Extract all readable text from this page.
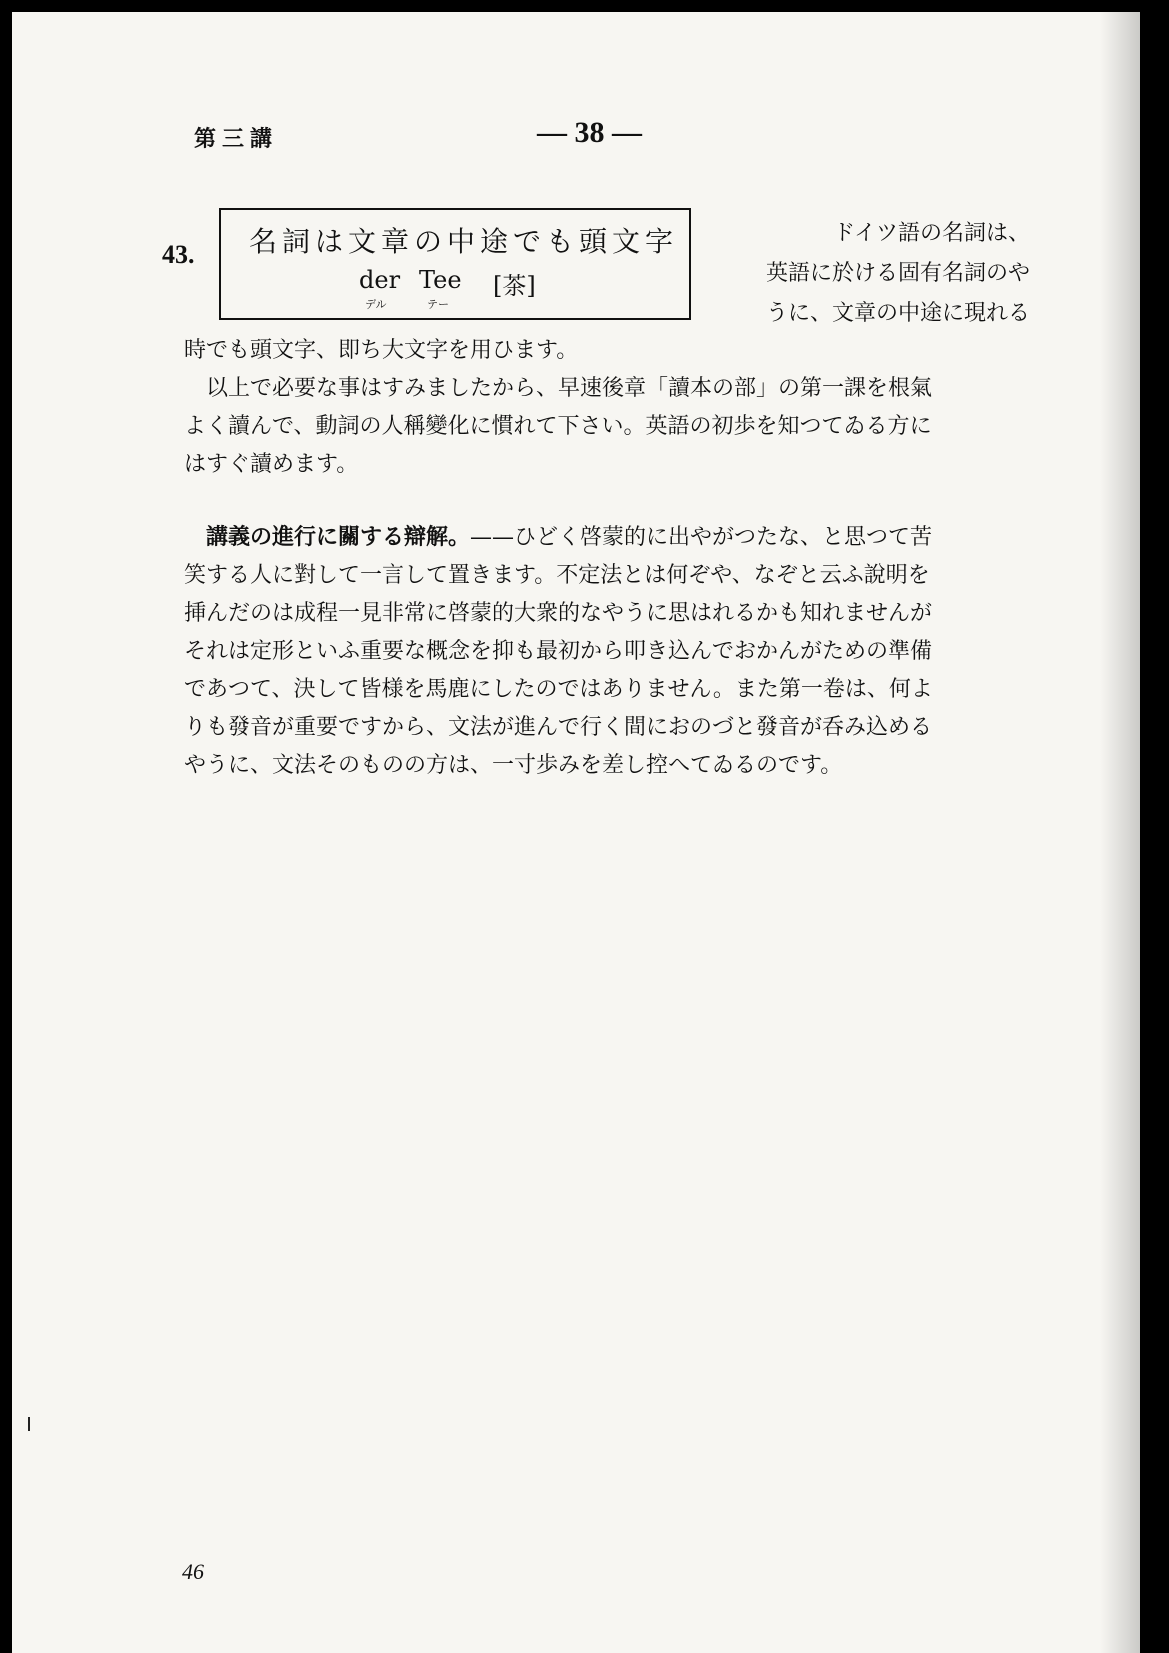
第三講	— 38 —
43. 名詞は文章の中途でも頭文字
der Tee [茶]
デル	テー
ドイツ語の名詞は、
英語に於ける固有名詞のや
うに、文章の中途に現れる
時でも頭文字、即ち大文字を用ひます。
　以上で必要な事はすみましたから、早速後章「讀本の部」の第一課を根氣
よく讀んで、動詞の人稱變化に慣れて下さい。英語の初歩を知つてゐる方に
はすぐ讀めます。
　講義の進行に關する辯解。——ひどく啓蒙的に出やがつたな、と思つて苦
笑する人に對して一言して置きます。不定法とは何ぞや、なぞと云ふ說明を
挿んだのは成程一見非常に啓蒙的大衆的なやうに思はれるかも知れませんが
それは定形といふ重要な概念を抑も最初から叩き込んでおかんがための準備
であつて、決して皆様を馬鹿にしたのではありません。また第一卷は、何よ
りも發音が重要ですから、文法が進んで行く間におのづと發音が呑み込める
やうに、文法そのものの方は、一寸歩みを差し控へてゐるのです。
46
